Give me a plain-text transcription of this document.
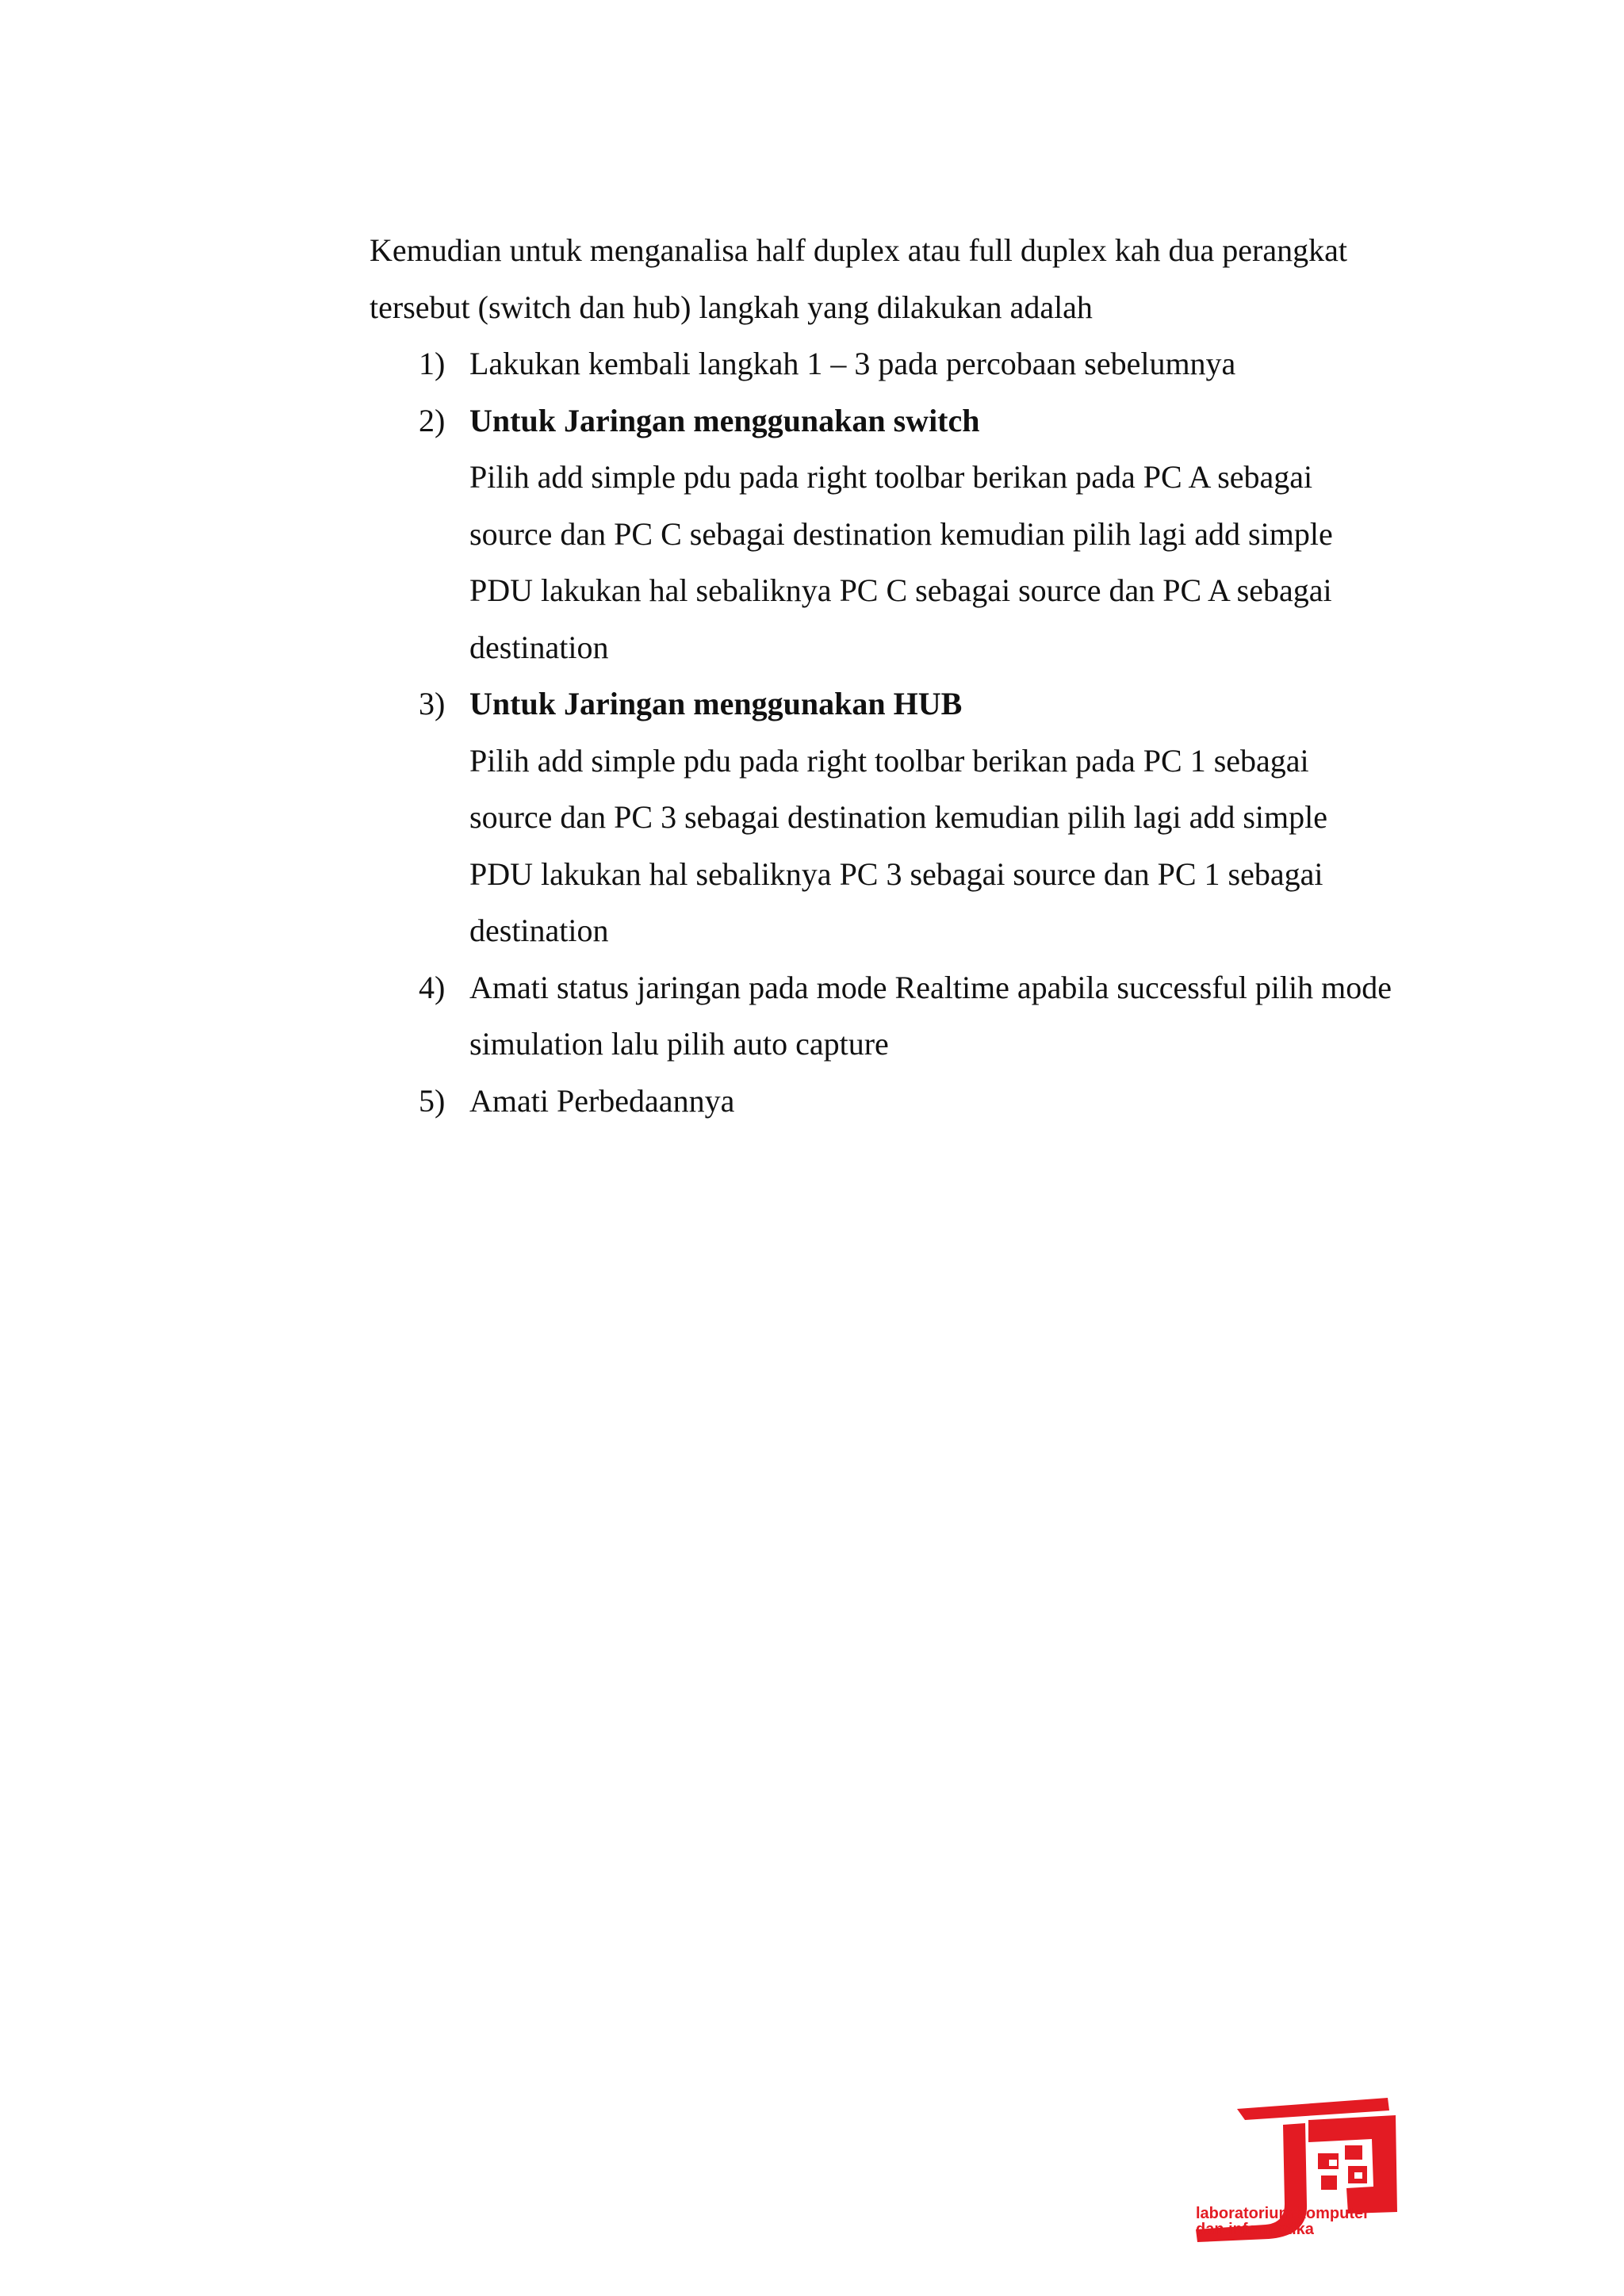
Kemudian untuk menganalisa half duplex atau full duplex kah dua perangkat tersebut (switch dan hub) langkah yang dilakukan adalah

1) Lakukan kembali langkah 1 – 3 pada percobaan sebelumnya
2) Untuk Jaringan menggunakan switch
Pilih add simple pdu pada right toolbar berikan pada PC A sebagai source dan PC C sebagai destination kemudian pilih lagi add simple PDU lakukan hal sebaliknya PC C sebagai source dan PC A sebagai destination
3) Untuk Jaringan menggunakan HUB
Pilih add simple pdu pada right toolbar berikan pada PC 1 sebagai source dan PC 3 sebagai destination kemudian pilih lagi add simple PDU lakukan hal sebaliknya PC 3 sebagai source dan PC 1 sebagai destination
4) Amati status jaringan pada mode Realtime apabila successful pilih mode simulation lalu pilih auto capture
5) Amati Perbedaannya
laboratorium komputer
dan informatika
